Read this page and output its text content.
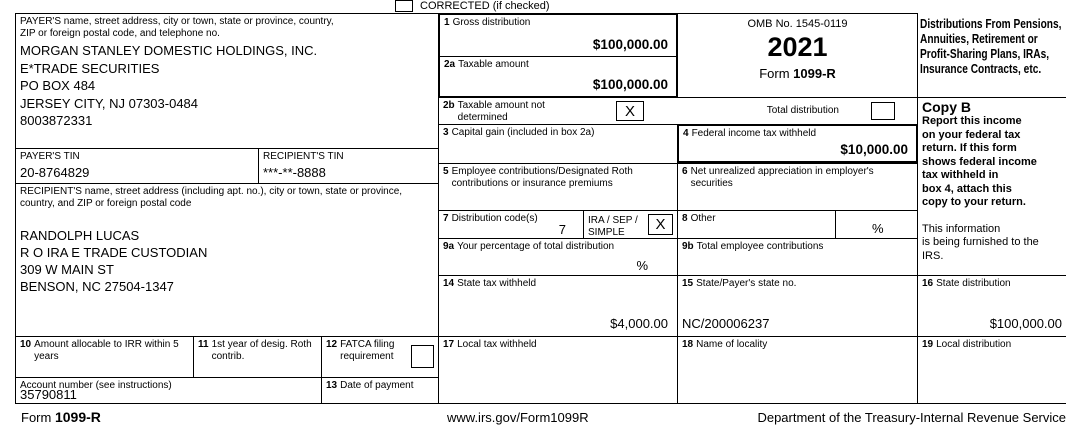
CORRECTED (if checked)
PAYER'S name, street address, city or town, state or province, country, ZIP or foreign postal code, and telephone no.
MORGAN STANLEY DOMESTIC HOLDINGS, INC.
E*TRADE SECURITIES
PO BOX 484
JERSEY CITY, NJ 07303-0484
8003872331
PAYER'S TIN
20-8764829
RECIPIENT'S TIN
***-**-8888
RECIPIENT'S name, street address (including apt. no.), city or town, state or province, country, and ZIP or foreign postal code
RANDOLPH LUCAS
R O IRA E TRADE CUSTODIAN
309 W MAIN ST
BENSON, NC 27504-1347
10 Amount allocable to IRR within 5 years
11 1st year of desig. Roth contrib.
12 FATCA filing requirement
Account number (see instructions)
35790811
13 Date of payment
1 Gross distribution
$100,000.00
2a Taxable amount
$100,000.00
OMB No. 1545-0119
2021
Form 1099-R
Distributions From Pensions,
Annuities, Retirement or
Profit-Sharing Plans, IRAs,
Insurance Contracts, etc.
2b Taxable amount not determined	X	Total distribution
3 Capital gain (included in box 2a)	4 Federal income tax withheld
$10,000.00
5 Employee contributions/Designated Roth contributions or insurance premiums
6 Net unrealized appreciation in employer's securities
7 Distribution code(s)
7
IRA / SEP /
SIMPLE	X	8 Other
%
9a Your percentage of total distribution
%
9b Total employee contributions
Copy B
Report this income
on your federal tax
return. If this form
shows federal income
tax withheld in
box 4, attach this
copy to your return.
This information
is being furnished to the
IRS.
14 State tax withheld
$4,000.00
15 State/Payer's state no.
NC/200006237
16 State distribution
$100,000.00
17 Local tax withheld	18 Name of locality	19 Local distribution
Form 1099-R	www.irs.gov/Form1099R	Department of the Treasury-Internal Revenue Service
